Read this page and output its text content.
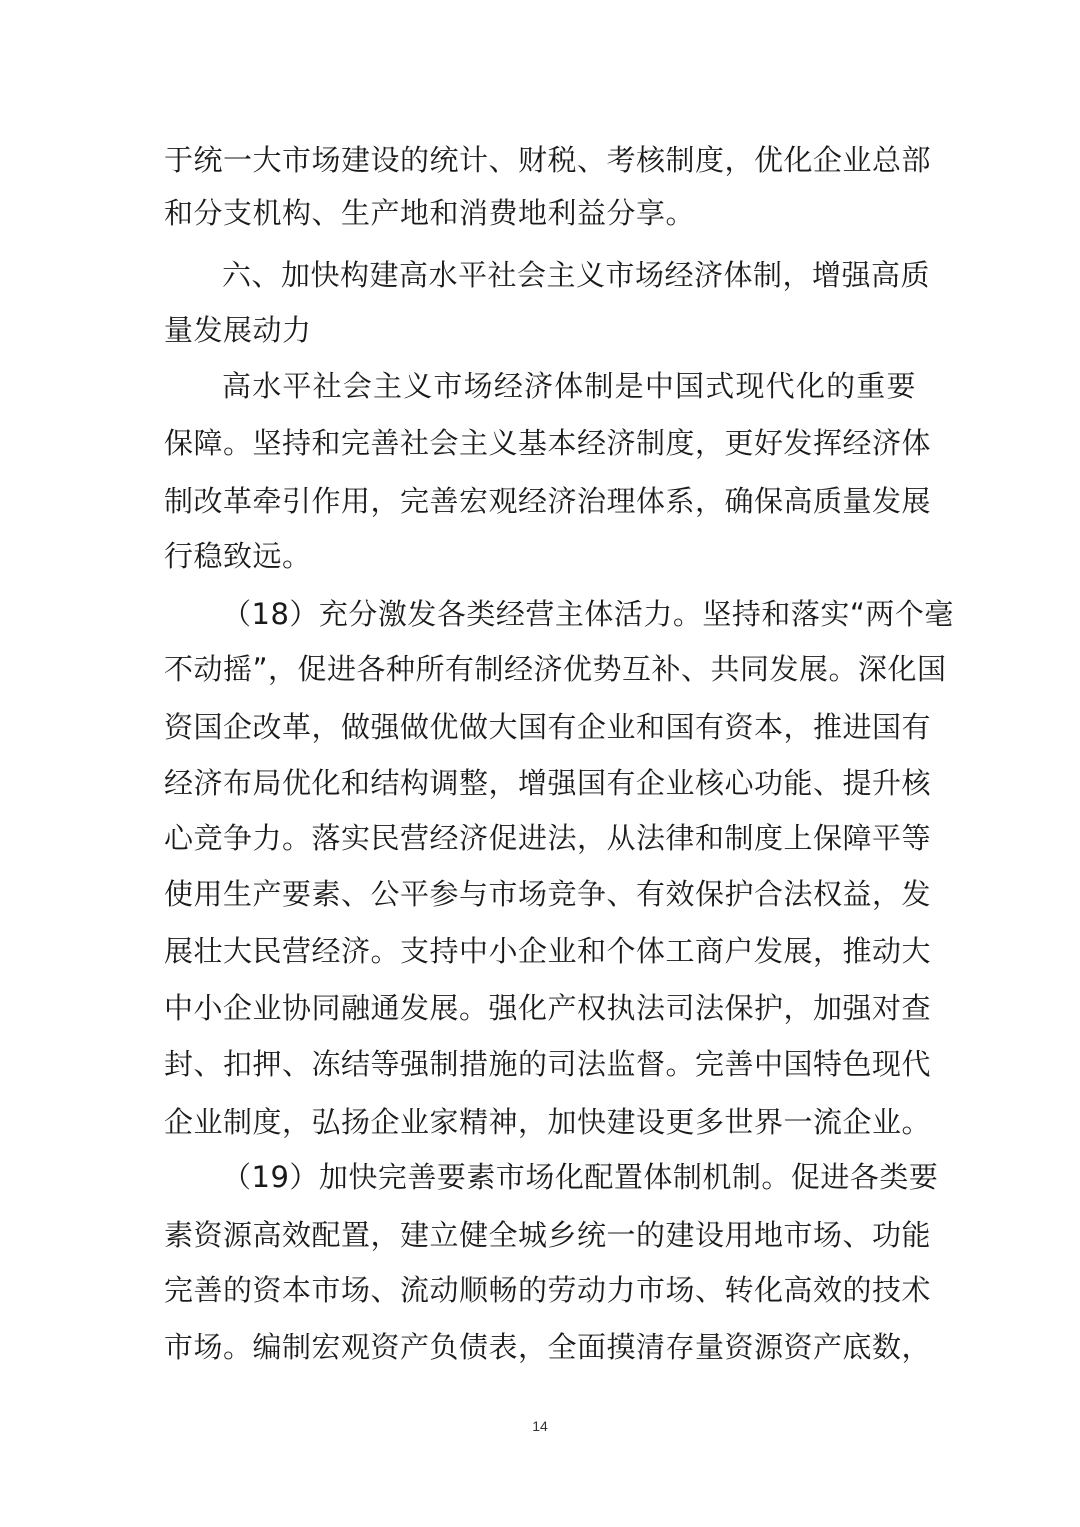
于统一大市场建设的统计、财税、考核制度，优化企业总部
和分支机构、生产地和消费地利益分享。
六、加快构建高水平社会主义市场经济体制，增强高质
量发展动力
高水平社会主义市场经济体制是中国式现代化的重要
保障。坚持和完善社会主义基本经济制度，更好发挥经济体
制改革牵引作用，完善宏观经济治理体系，确保高质量发展
行稳致远。
（18）充分激发各类经营主体活力。坚持和落实“两个毫
不动摇”，促进各种所有制经济优势互补、共同发展。深化国
资国企改革，做强做优做大国有企业和国有资本，推进国有
经济布局优化和结构调整，增强国有企业核心功能、提升核
心竞争力。落实民营经济促进法，从法律和制度上保障平等
使用生产要素、公平参与市场竞争、有效保护合法权益，发
展壮大民营经济。支持中小企业和个体工商户发展，推动大
中小企业协同融通发展。强化产权执法司法保护，加强对查
封、扣押、冻结等强制措施的司法监督。完善中国特色现代
企业制度，弘扬企业家精神，加快建设更多世界一流企业。
（19）加快完善要素市场化配置体制机制。促进各类要
素资源高效配置，建立健全城乡统一的建设用地市场、功能
完善的资本市场、流动顺畅的劳动力市场、转化高效的技术
市场。编制宏观资产负债表，全面摸清存量资源资产底数，
14
